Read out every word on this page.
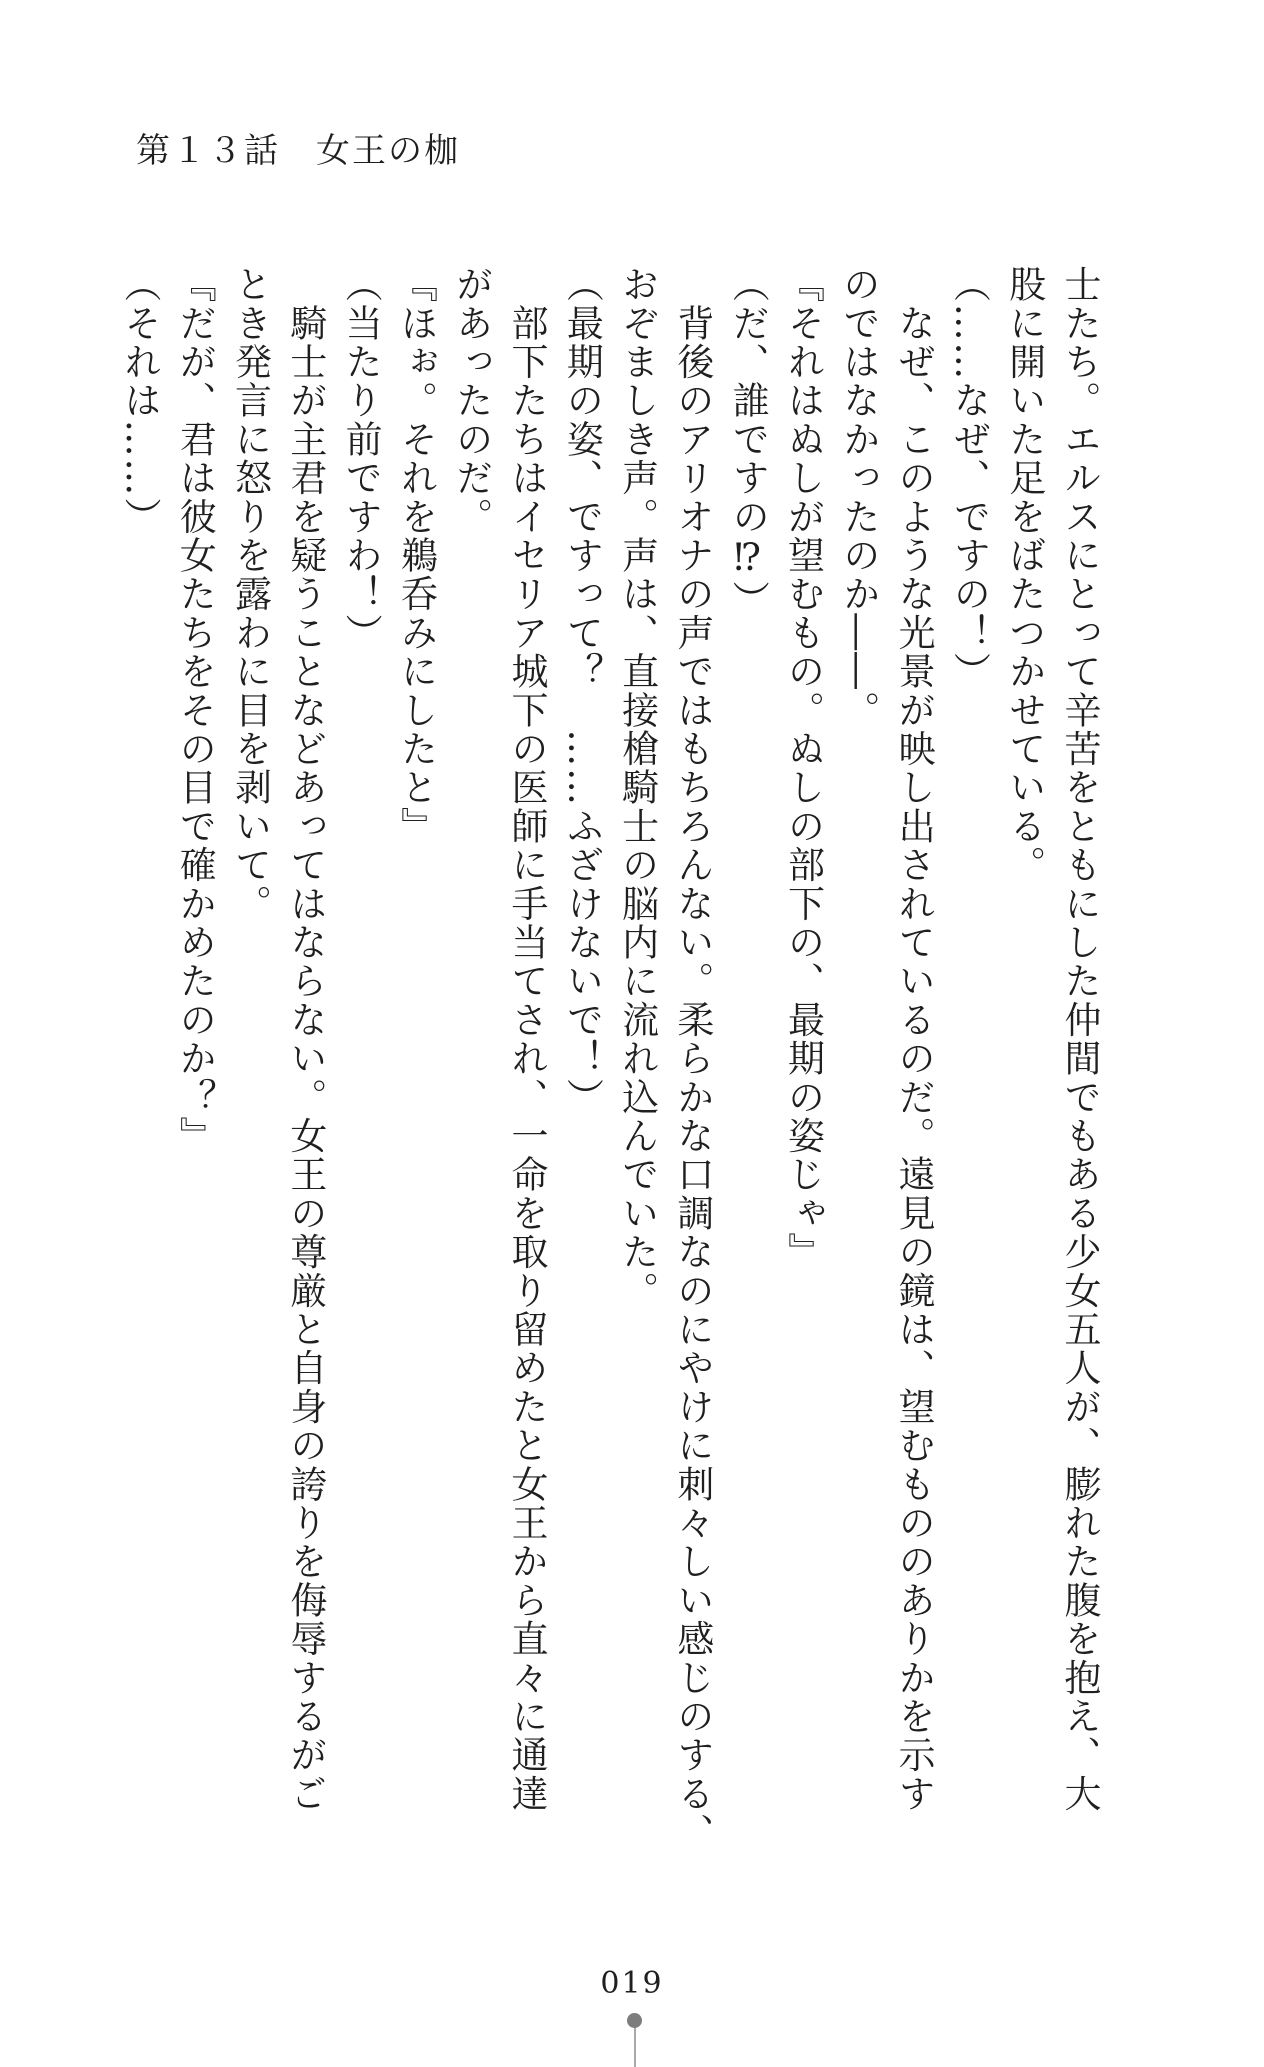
第１３話　女王の枷

士たち。エルスにとって辛苦をともにした仲間でもある少女五人が、膨れた腹を抱え、大

股に開いた足をばたつかせている。

（……なぜ、ですの！）

　なぜ、このような光景が映し出されているのだ。遠見の鏡は、望むもののありかを示す

のではなかったのか――。

『それはぬしが望むもの。ぬしの部下の、最期の姿じゃ』

（だ、誰ですの⁉）

　背後のアリオナの声ではもちろんない。柔らかな口調なのにやけに刺々しい感じのする、

おぞましき声。声は、直接槍騎士の脳内に流れ込んでいた。

（最期の姿、ですって？　……ふざけないで！）

　部下たちはイセリア城下の医師に手当てされ、一命を取り留めたと女王から直々に通達

があったのだ。

『ほぉ。それを鵜呑みにしたと』

（当たり前ですわ！）

　騎士が主君を疑うことなどあってはならない。女王の尊厳と自身の誇りを侮辱するがご

とき発言に怒りを露わに目を剥いて。

『だが、君は彼女たちをその目で確かめたのか？』

（それは……）

019
